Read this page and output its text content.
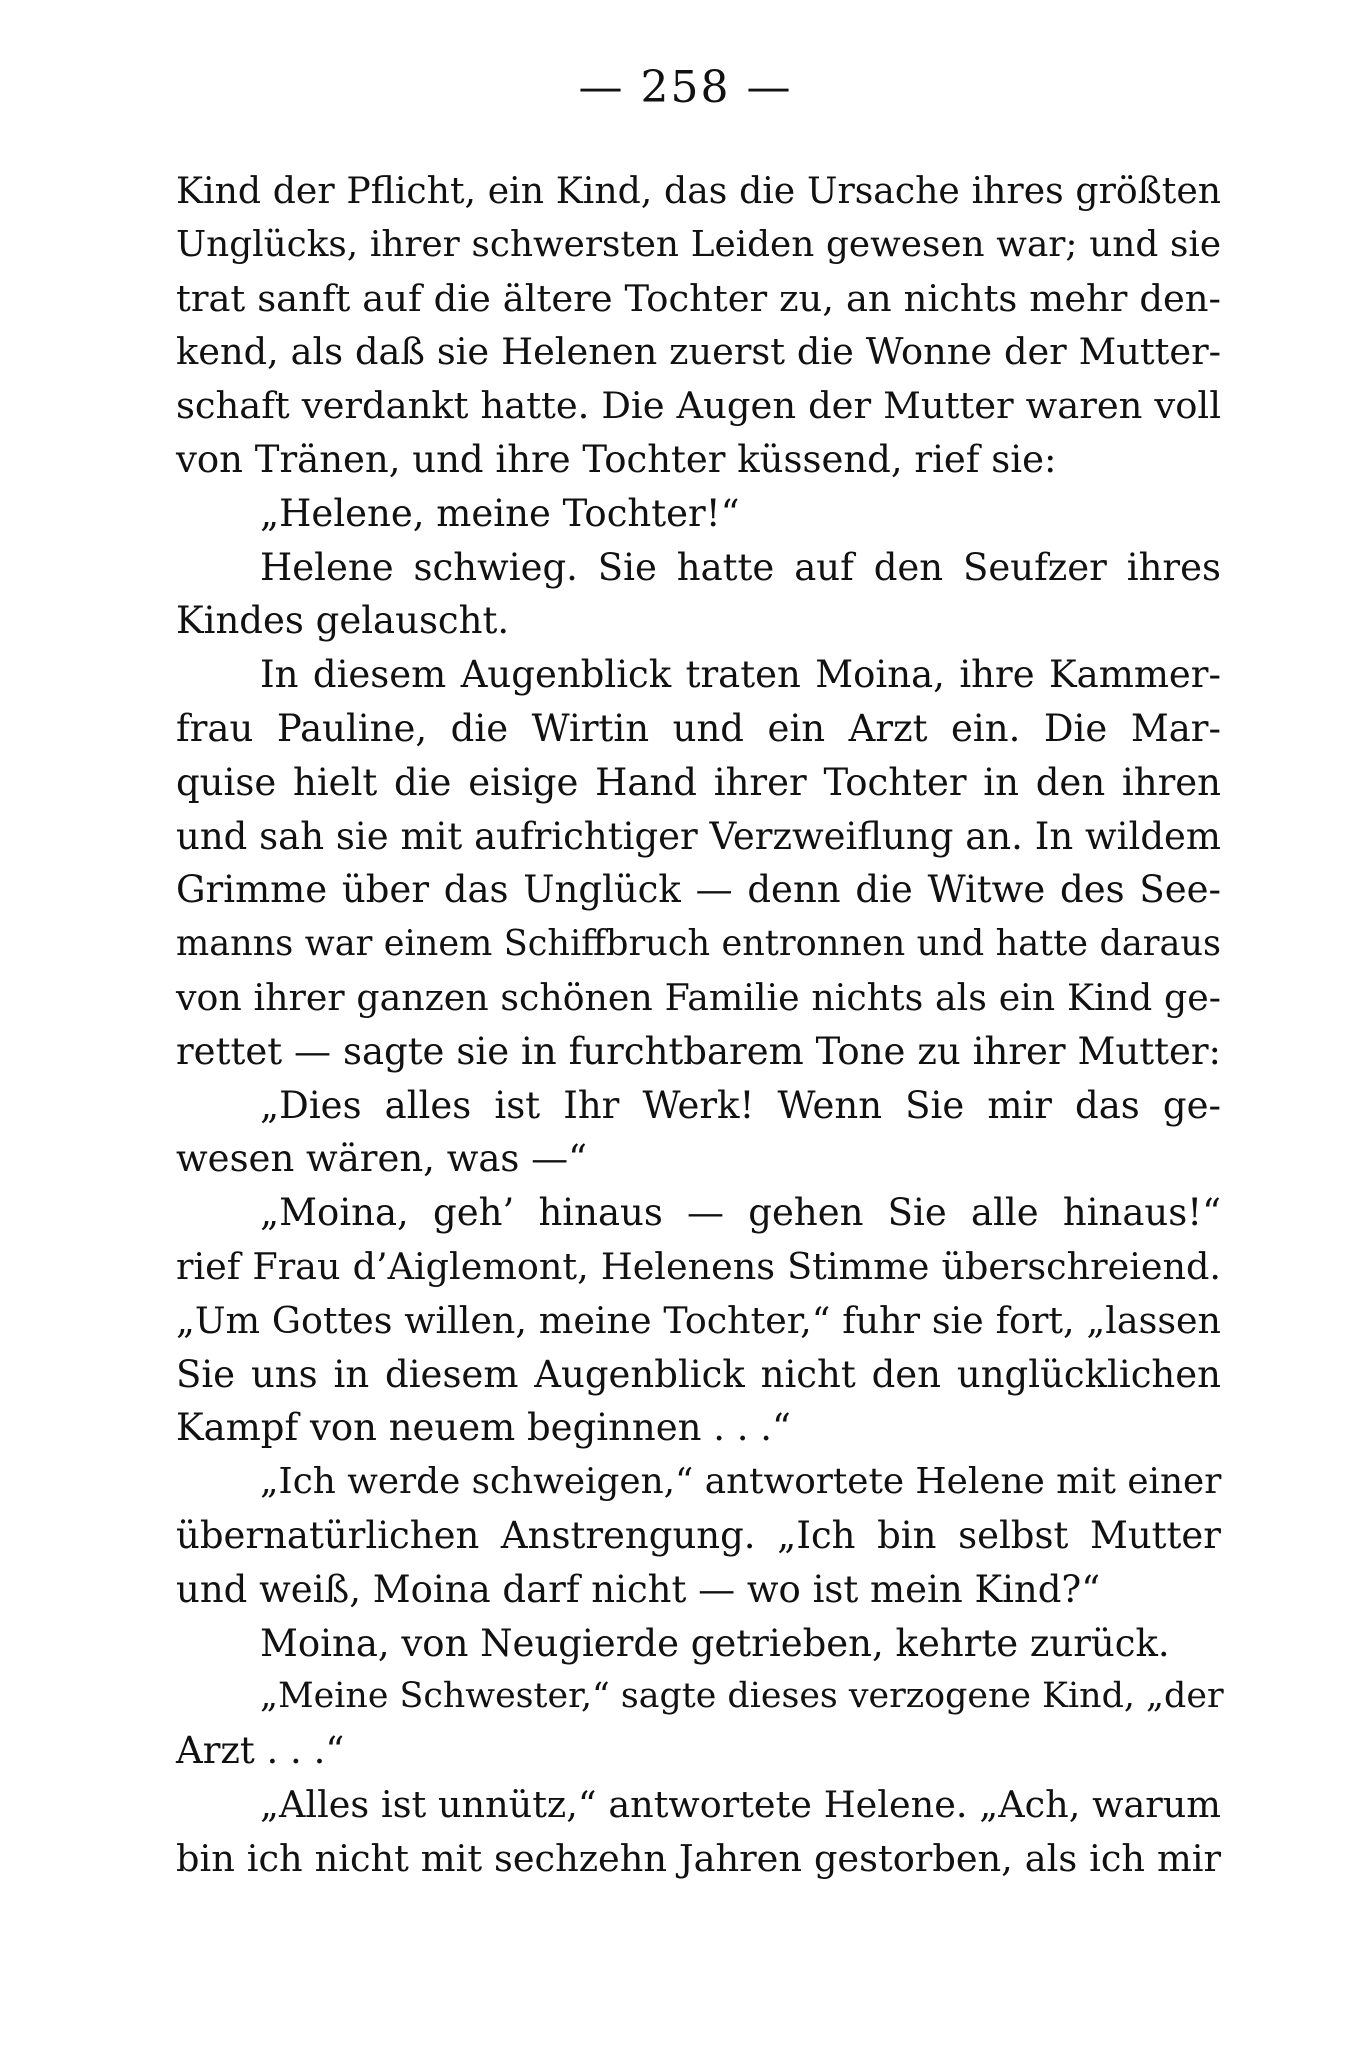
— 258 —
Kind der Pflicht, ein Kind, das die Ursache ihres größten
Unglücks, ihrer schwersten Leiden gewesen war; und sie
trat sanft auf die ältere Tochter zu, an nichts mehr den-
kend, als daß sie Helenen zuerst die Wonne der Mutter-
schaft verdankt hatte. Die Augen der Mutter waren voll
von Tränen, und ihre Tochter küssend, rief sie:
„Helene, meine Tochter!“
Helene schwieg. Sie hatte auf den Seufzer ihres
Kindes gelauscht.
In diesem Augenblick traten Moina, ihre Kammer-
frau Pauline, die Wirtin und ein Arzt ein. Die Mar-
quise hielt die eisige Hand ihrer Tochter in den ihren
und sah sie mit aufrichtiger Verzweiflung an. In wildem
Grimme über das Unglück — denn die Witwe des See-
manns war einem Schiffbruch entronnen und hatte daraus
von ihrer ganzen schönen Familie nichts als ein Kind ge-
rettet — sagte sie in furchtbarem Tone zu ihrer Mutter:
„Dies alles ist Ihr Werk! Wenn Sie mir das ge-
wesen wären, was —“
„Moina, geh’ hinaus — gehen Sie alle hinaus!“
rief Frau d’Aiglemont, Helenens Stimme überschreiend.
„Um Gottes willen, meine Tochter,“ fuhr sie fort, „lassen
Sie uns in diesem Augenblick nicht den unglücklichen
Kampf von neuem beginnen . . .“
„Ich werde schweigen,“ antwortete Helene mit einer
übernatürlichen Anstrengung. „Ich bin selbst Mutter
und weiß, Moina darf nicht — wo ist mein Kind?“
Moina, von Neugierde getrieben, kehrte zurück.
„Meine Schwester,“ sagte dieses verzogene Kind, „der
Arzt . . .“
„Alles ist unnütz,“ antwortete Helene. „Ach, warum
bin ich nicht mit sechzehn Jahren gestorben, als ich mir
